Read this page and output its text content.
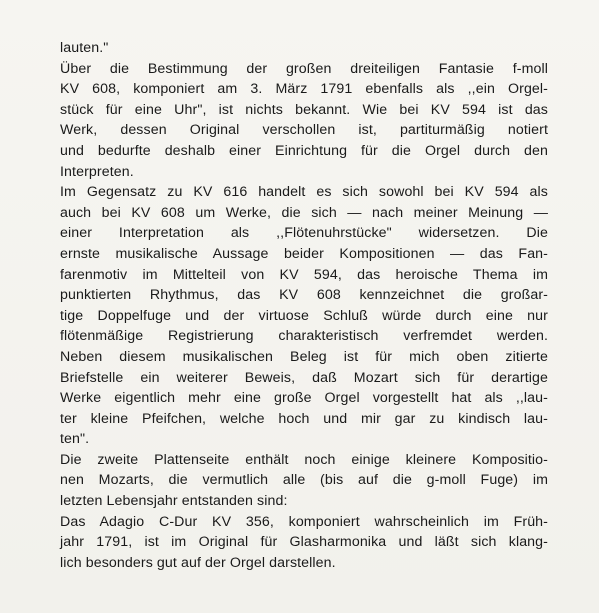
lauten."
Über die Bestimmung der großen dreiteiligen Fantasie f-moll
KV 608, komponiert am 3. März 1791 ebenfalls als ,,ein Orgel-
stück für eine Uhr", ist nichts bekannt. Wie bei KV 594 ist das
Werk, dessen Original verschollen ist, partiturmäßig notiert
und bedurfte deshalb einer Einrichtung für die Orgel durch den
Interpreten.
Im Gegensatz zu KV 616 handelt es sich sowohl bei KV 594 als
auch bei KV 608 um Werke, die sich — nach meiner Meinung —
einer Interpretation als ,,Flötenuhrstücke" widersetzen. Die
ernste musikalische Aussage beider Kompositionen — das Fan-
farenmotiv im Mittelteil von KV 594, das heroische Thema im
punktierten Rhythmus, das KV 608 kennzeichnet die großar-
tige Doppelfuge und der virtuose Schluß würde durch eine nur
flötenmäßige Registrierung charakteristisch verfremdet werden.
Neben diesem musikalischen Beleg ist für mich oben zitierte
Briefstelle ein weiterer Beweis, daß Mozart sich für derartige
Werke eigentlich mehr eine große Orgel vorgestellt hat als ,,lau-
ter kleine Pfeifchen, welche hoch und mir gar zu kindisch lau-
ten".
Die zweite Plattenseite enthält noch einige kleinere Kompositio-
nen Mozarts, die vermutlich alle (bis auf die g-moll Fuge) im
letzten Lebensjahr entstanden sind:
Das Adagio C-Dur KV 356, komponiert wahrscheinlich im Früh-
jahr 1791, ist im Original für Glasharmonika und läßt sich klang-
lich besonders gut auf der Orgel darstellen.
